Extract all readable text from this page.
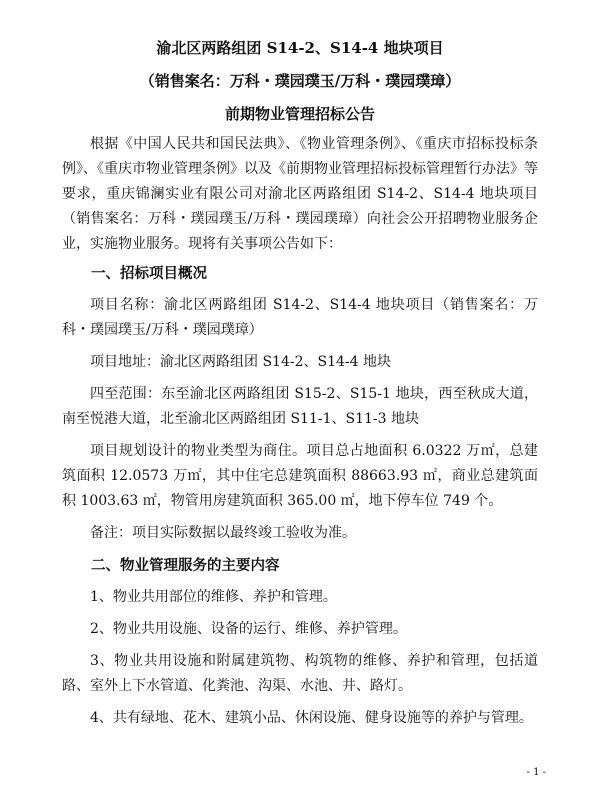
渝北区两路组团 S14-2、S14-4 地块项目
（销售案名：万科・璞园璞玉/万科・璞园璞璋）
前期物业管理招标公告

根据《中国人民共和国民法典》、《物业管理条例》、《重庆市招标投标条例》、《重庆市物业管理条例》以及《前期物业管理招标投标管理暂行办法》等要求，重庆锦澜实业有限公司对渝北区两路组团 S14-2、S14-4 地块项目（销售案名：万科・璞园璞玉/万科・璞园璞璋）向社会公开招聘物业服务企业，实施物业服务。现将有关事项公告如下：

一、招标项目概况

项目名称：渝北区两路组团 S14-2、S14-4 地块项目（销售案名：万科・璞园璞玉/万科・璞园璞璋）

项目地址：渝北区两路组团 S14-2、S14-4 地块

四至范围：东至渝北区两路组团 S15-2、S15-1 地块，西至秋成大道，南至悦港大道，北至渝北区两路组团 S11-1、S11-3 地块

项目规划设计的物业类型为商住。项目总占地面积 6.0322 万㎡，总建筑面积 12.0573 万㎡，其中住宅总建筑面积 88663.93 ㎡，商业总建筑面积 1003.63 ㎡，物管用房建筑面积 365.00 ㎡，地下停车位 749 个。

备注：项目实际数据以最终竣工验收为准。

二、物业管理服务的主要内容

1、物业共用部位的维修、养护和管理。

2、物业共用设施、设备的运行、维修、养护管理。

3、物业共用设施和附属建筑物、构筑物的维修、养护和管理，包括道路、室外上下水管道、化粪池、沟渠、水池、井、路灯。

4、共有绿地、花木、建筑小品、休闲设施、健身设施等的养护与管理。

- 1 -
